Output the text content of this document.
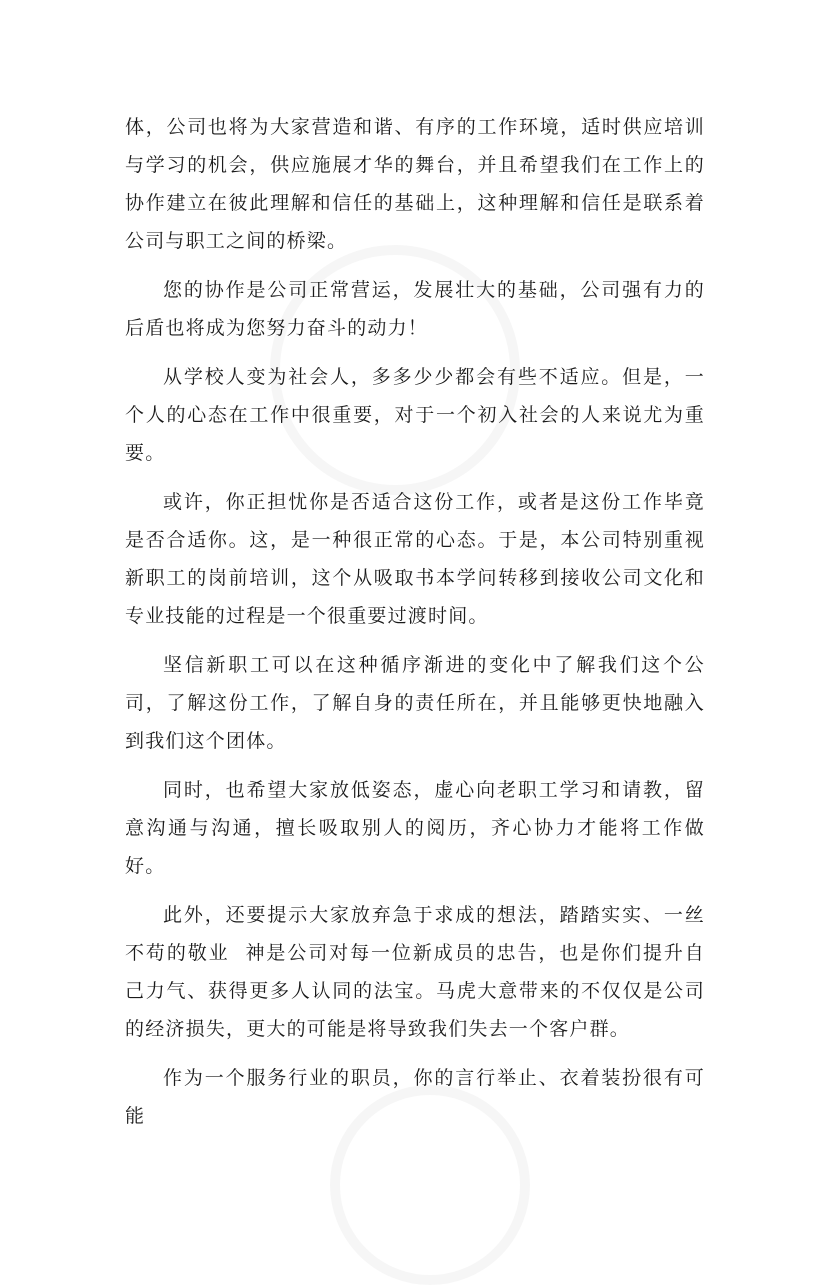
体，公司也将为大家营造和谐、有序的工作环境，适时供应培训与学习的机会，供应施展才华的舞台，并且希望我们在工作上的协作建立在彼此理解和信任的基础上，这种理解和信任是联系着公司与职工之间的桥梁。

您的协作是公司正常营运，发展壮大的基础，公司强有力的后盾也将成为您努力奋斗的动力！

从学校人变为社会人，多多少少都会有些不适应。但是，一个人的心态在工作中很重要，对于一个初入社会的人来说尤为重要。

或许，你正担忧你是否适合这份工作，或者是这份工作毕竟是否合适你。这，是一种很正常的心态。于是，本公司特别重视新职工的岗前培训，这个从吸取书本学问转移到接收公司文化和专业技能的过程是一个很重要过渡时间。

坚信新职工可以在这种循序渐进的变化中了解我们这个公司，了解这份工作，了解自身的责任所在，并且能够更快地融入到我们这个团体。

同时，也希望大家放低姿态，虚心向老职工学习和请教，留意沟通与沟通，擅长吸取别人的阅历，齐心协力才能将工作做好。

此外，还要提示大家放弃急于求成的想法，踏踏实实、一丝不苟的敬业  神是公司对每一位新成员的忠告，也是你们提升自己力气、获得更多人认同的法宝。马虎大意带来的不仅仅是公司的经济损失，更大的可能是将导致我们失去一个客户群。

作为一个服务行业的职员，你的言行举止、衣着装扮很有可能
